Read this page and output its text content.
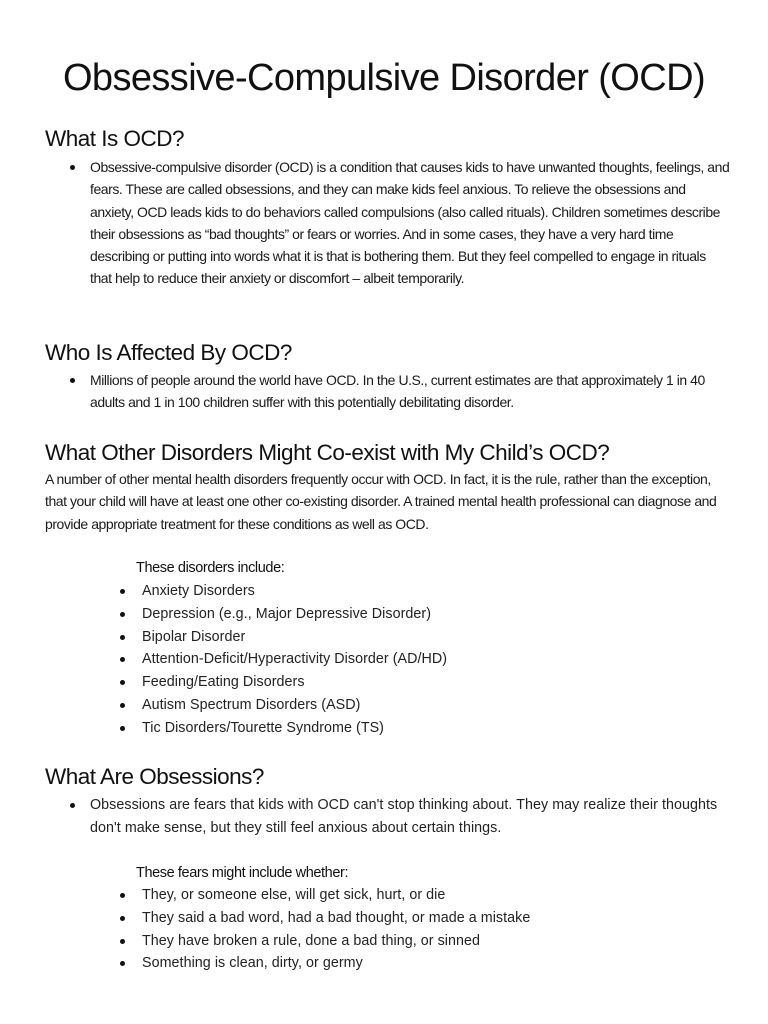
Obsessive-Compulsive Disorder (OCD)
What Is OCD?
Obsessive-compulsive disorder (OCD) is a condition that causes kids to have unwanted thoughts, feelings, and fears. These are called obsessions, and they can make kids feel anxious. To relieve the obsessions and anxiety, OCD leads kids to do behaviors called compulsions (also called rituals). Children sometimes describe their obsessions as “bad thoughts” or fears or worries. And in some cases, they have a very hard time describing or putting into words what it is that is bothering them. But they feel compelled to engage in rituals that help to reduce their anxiety or discomfort – albeit temporarily.
Who Is Affected By OCD?
Millions of people around the world have OCD. In the U.S., current estimates are that approximately 1 in 40 adults and 1 in 100 children suffer with this potentially debilitating disorder.
What Other Disorders Might Co-exist with My Child’s OCD?

A number of other mental health disorders frequently occur with OCD. In fact, it is the rule, rather than the exception, that your child will have at least one other co-existing disorder. A trained mental health professional can diagnose and provide appropriate treatment for these conditions as well as OCD.

These disorders include:

Anxiety Disorders
Depression (e.g., Major Depressive Disorder)
Bipolar Disorder
Attention-Deficit/Hyperactivity Disorder (AD/HD)
Feeding/Eating Disorders
Autism Spectrum Disorders (ASD)
Tic Disorders/Tourette Syndrome (TS)
What Are Obsessions?
Obsessions are fears that kids with OCD can't stop thinking about. They may realize their thoughts don't make sense, but they still feel anxious about certain things.

These fears might include whether:

They, or someone else, will get sick, hurt, or die
They said a bad word, had a bad thought, or made a mistake
They have broken a rule, done a bad thing, or sinned
Something is clean, dirty, or germy
